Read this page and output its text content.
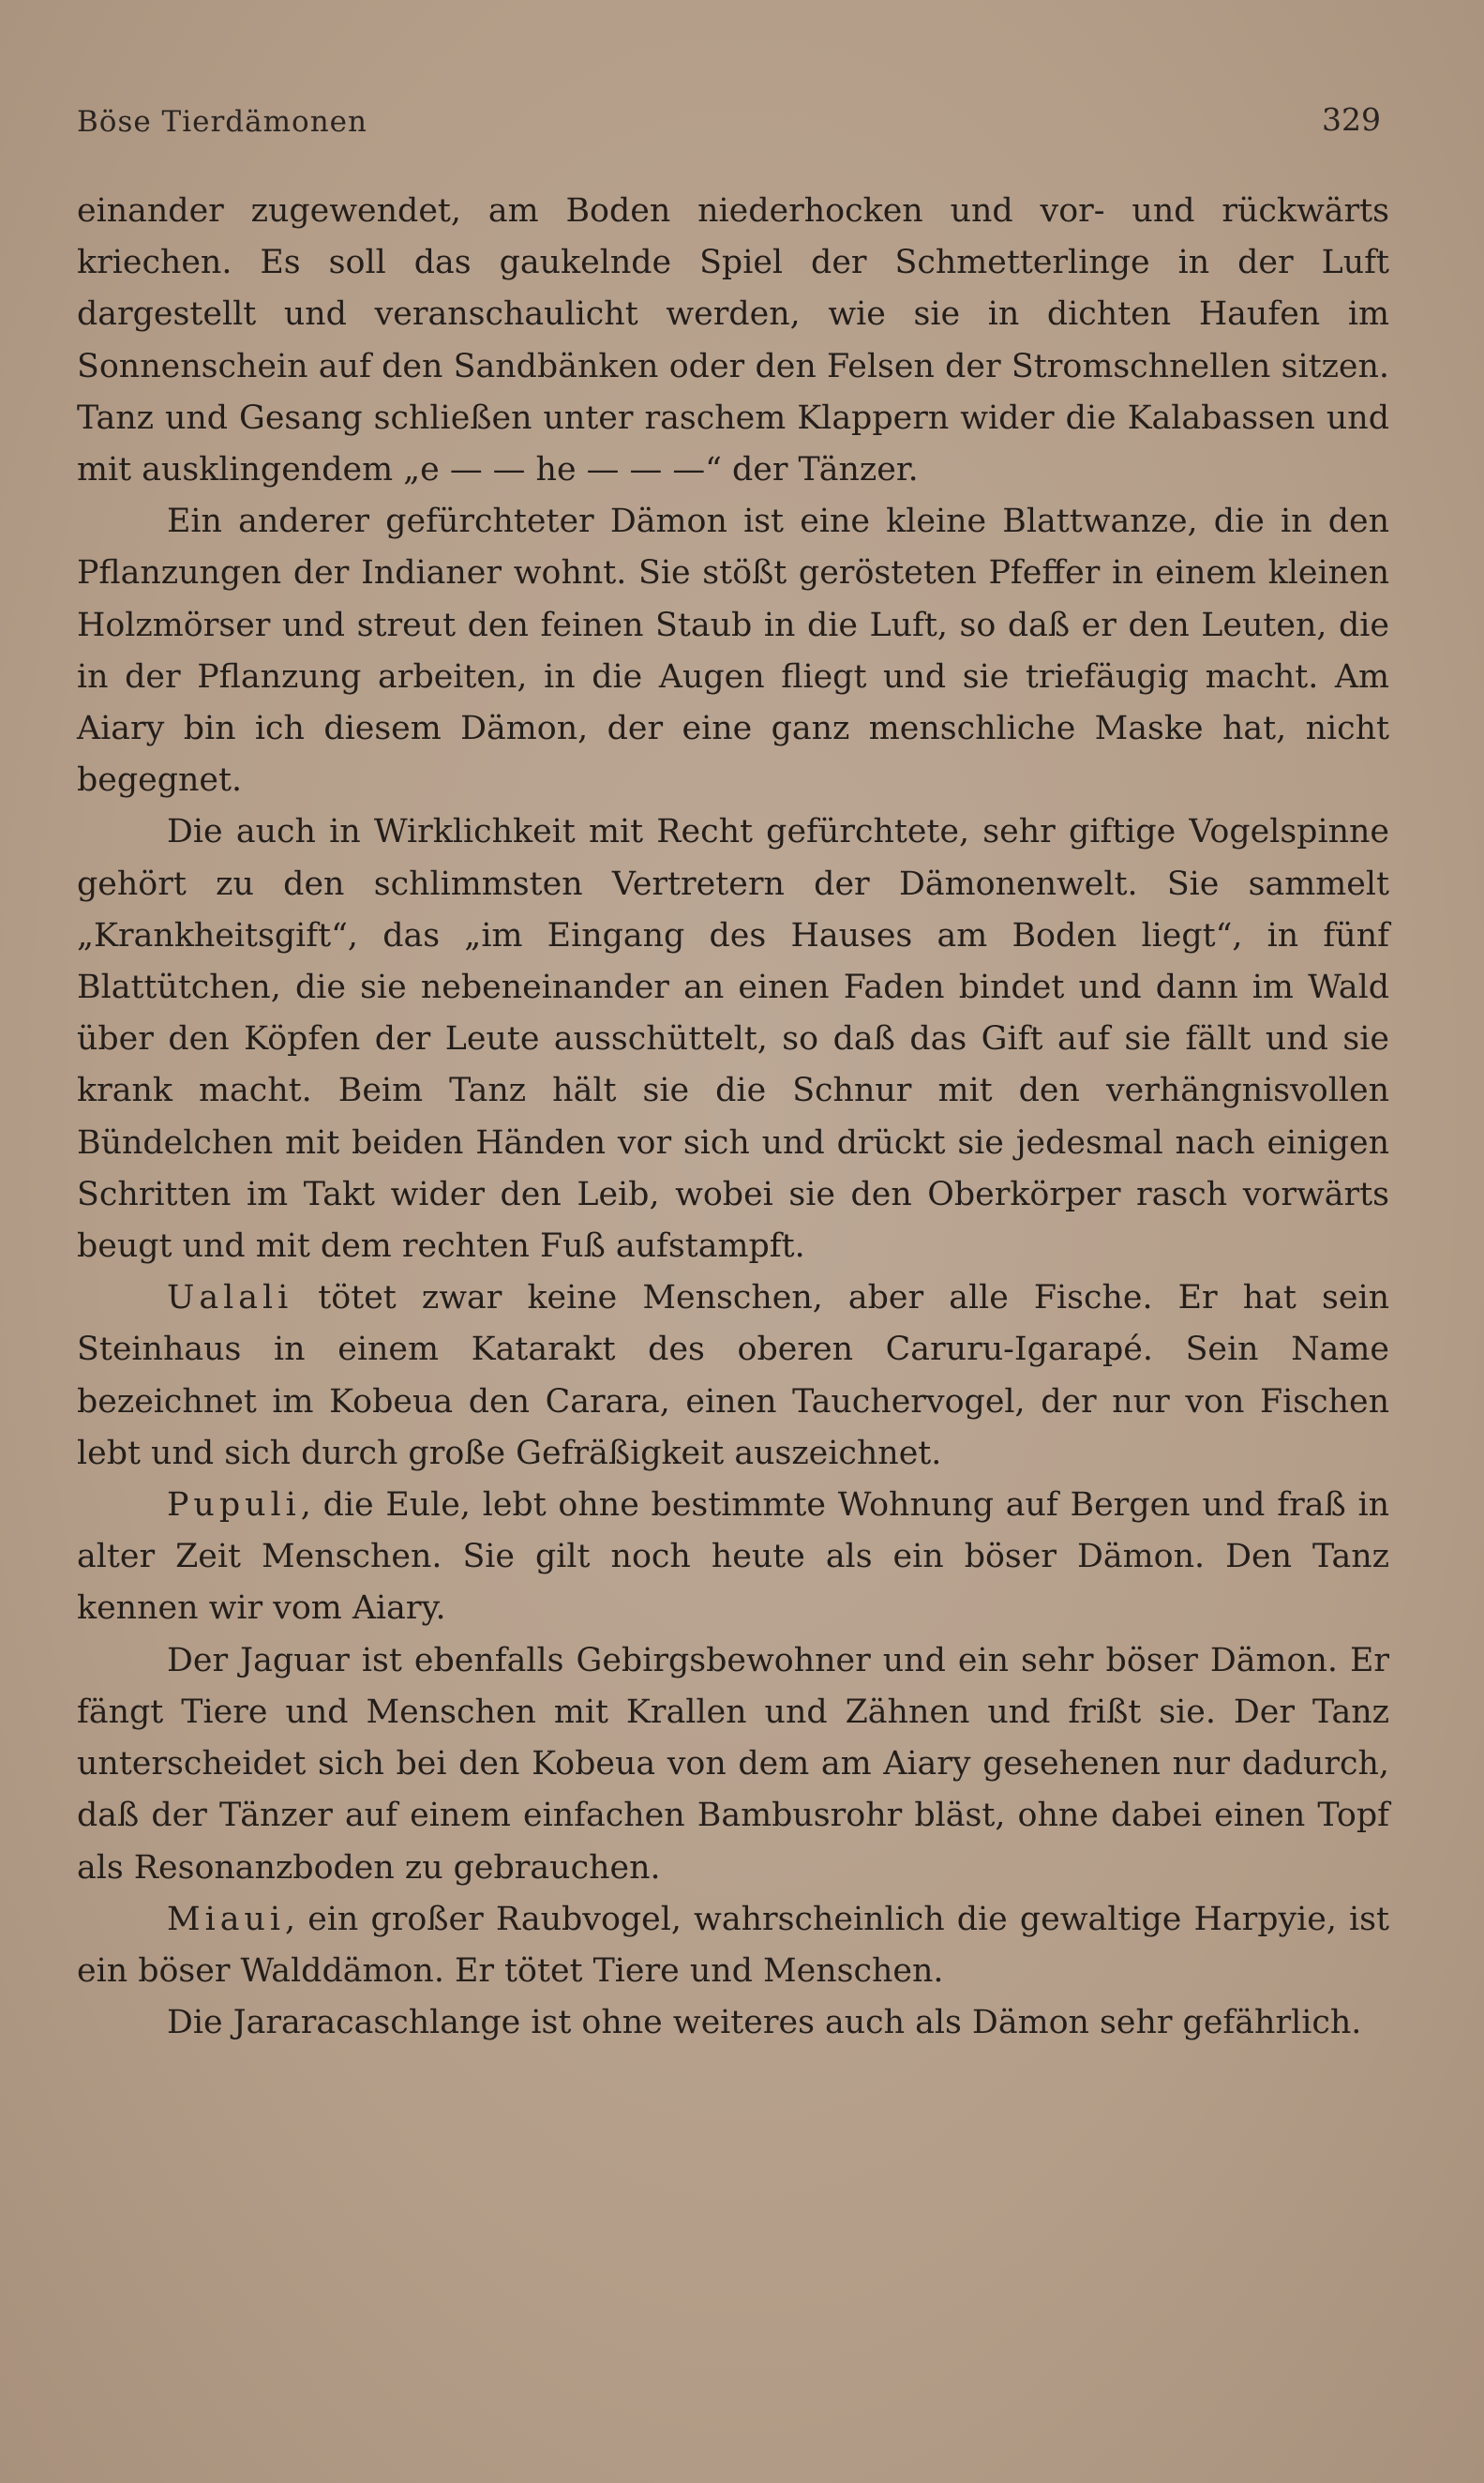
Böse Tierdämonen	329

einander zugewendet, am Boden niederhocken und vor- und rückwärts kriechen. Es soll das gaukelnde Spiel der Schmetterlinge in der Luft dargestellt und veranschaulicht werden, wie sie in dichten Haufen im Sonnenschein auf den Sandbänken oder den Felsen der Stromschnellen sitzen. Tanz und Gesang schließen unter raschem Klappern wider die Kalabassen und mit ausklingendem „e — — he — — —“ der Tänzer.

Ein anderer gefürchteter Dämon ist eine kleine Blattwanze, die in den Pflanzungen der Indianer wohnt. Sie stößt gerösteten Pfeffer in einem kleinen Holzmörser und streut den feinen Staub in die Luft, so daß er den Leuten, die in der Pflanzung arbeiten, in die Augen fliegt und sie triefäugig macht. Am Aiary bin ich diesem Dämon, der eine ganz menschliche Maske hat, nicht begegnet.

Die auch in Wirklichkeit mit Recht gefürchtete, sehr giftige Vogelspinne gehört zu den schlimmsten Vertretern der Dämonenwelt. Sie sammelt „Krankheitsgift“, das „im Eingang des Hauses am Boden liegt“, in fünf Blattütchen, die sie nebeneinander an einen Faden bindet und dann im Wald über den Köpfen der Leute ausschüttelt, so daß das Gift auf sie fällt und sie krank macht. Beim Tanz hält sie die Schnur mit den verhängnisvollen Bündelchen mit beiden Händen vor sich und drückt sie jedesmal nach einigen Schritten im Takt wider den Leib, wobei sie den Oberkörper rasch vorwärts beugt und mit dem rechten Fuß aufstampft.

Ualali tötet zwar keine Menschen, aber alle Fische. Er hat sein Steinhaus in einem Katarakt des oberen Caruru-Igarapé. Sein Name bezeichnet im Kobeua den Carara, einen Tauchervogel, der nur von Fischen lebt und sich durch große Gefräßigkeit auszeichnet.

Pupuli, die Eule, lebt ohne bestimmte Wohnung auf Bergen und fraß in alter Zeit Menschen. Sie gilt noch heute als ein böser Dämon. Den Tanz kennen wir vom Aiary.

Der Jaguar ist ebenfalls Gebirgsbewohner und ein sehr böser Dämon. Er fängt Tiere und Menschen mit Krallen und Zähnen und frißt sie. Der Tanz unterscheidet sich bei den Kobeua von dem am Aiary gesehenen nur dadurch, daß der Tänzer auf einem einfachen Bambusrohr bläst, ohne dabei einen Topf als Resonanzboden zu gebrauchen.

Miaui, ein großer Raubvogel, wahrscheinlich die gewaltige Harpyie, ist ein böser Walddämon. Er tötet Tiere und Menschen.

Die Jararacaschlange ist ohne weiteres auch als Dämon sehr gefährlich.
